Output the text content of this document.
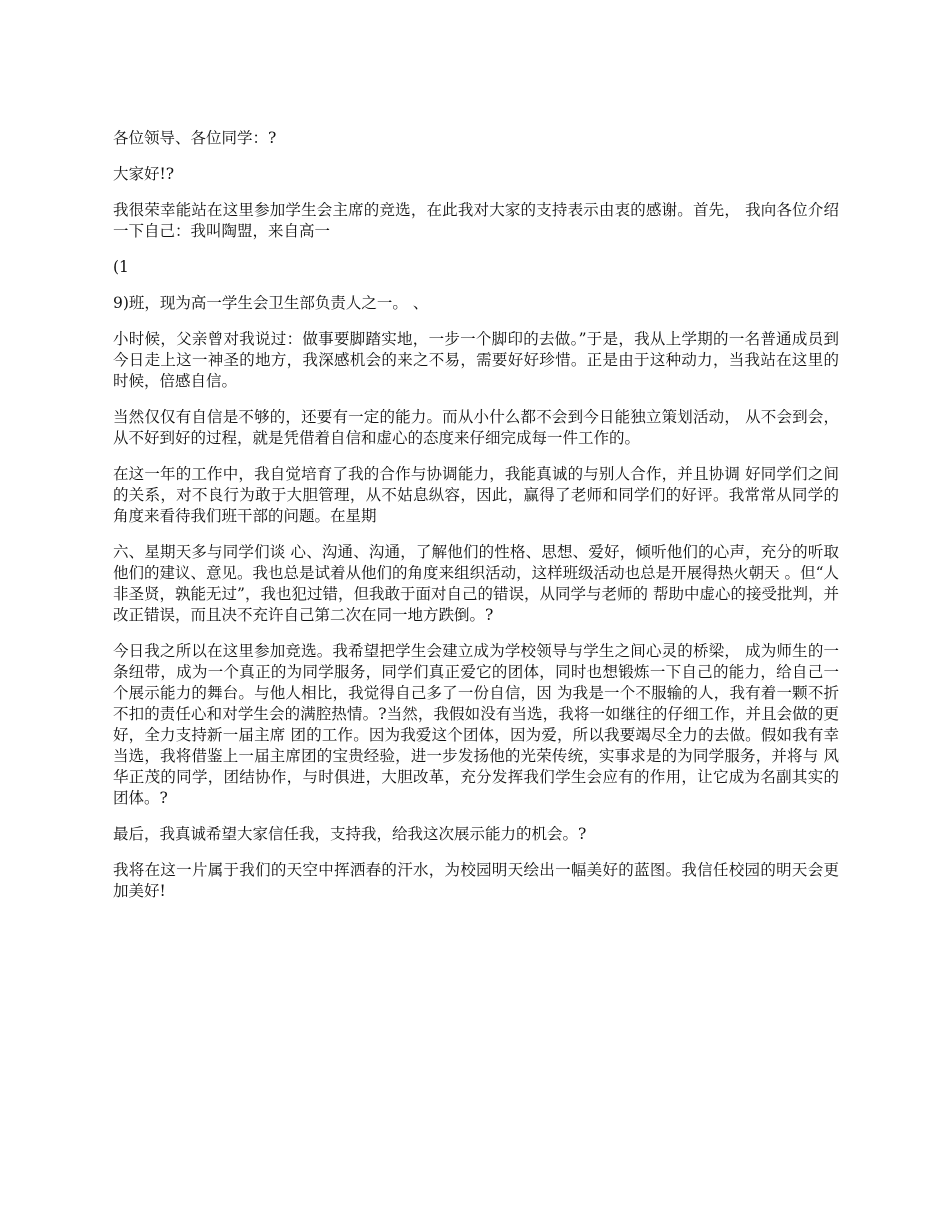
各位领导、各位同学：?

大家好!?

我很荣幸能站在这里参加学生会主席的竞选，在此我对大家的支持表示由衷的感谢。首先， 我向各位介绍一下自己：我叫陶盟，来自高一

(1

9)班，现为高一学生会卫生部负责人之一。 、

小时候，父亲曾对我说过：做事要脚踏实地，一步一个脚印的去做。”于是，我从上学期的一名普通成员到今日走上这一神圣的地方，我深感机会的来之不易，需要好好珍惜。正是由于这种动力，当我站在这里的时候，倍感自信。

当然仅仅有自信是不够的，还要有一定的能力。而从小什么都不会到今日能独立策划活动， 从不会到会，从不好到好的过程，就是凭借着自信和虚心的态度来仔细完成每一件工作的。

在这一年的工作中，我自觉培育了我的合作与协调能力，我能真诚的与别人合作，并且协调 好同学们之间的关系，对不良行为敢于大胆管理，从不姑息纵容，因此，赢得了老师和同学们的好评。我常常从同学的角度来看待我们班干部的问题。在星期

六、星期天多与同学们谈 心、沟通、沟通，了解他们的性格、思想、爱好，倾听他们的心声，充分的听取他们的建议、意见。我也总是试着从他们的角度来组织活动，这样班级活动也总是开展得热火朝天 。但“人非圣贤，孰能无过”，我也犯过错，但我敢于面对自己的错误，从同学与老师的 帮助中虚心的接受批判，并改正错误，而且决不充许自己第二次在同一地方跌倒。?

今日我之所以在这里参加竞选。我希望把学生会建立成为学校领导与学生之间心灵的桥梁， 成为师生的一条纽带，成为一个真正的为同学服务，同学们真正爱它的团体，同时也想锻炼一下自己的能力，给自己一个展示能力的舞台。与他人相比，我觉得自己多了一份自信，因 为我是一个不服输的人，我有着一颗不折不扣的责任心和对学生会的满腔热情。?当然，我假如没有当选，我将一如继往的仔细工作，并且会做的更好，全力支持新一届主席 团的工作。因为我爱这个团体，因为爱，所以我要竭尽全力的去做。假如我有幸当选，我将借鉴上一届主席团的宝贵经验，进一步发扬他的光荣传统，实事求是的为同学服务，并将与 风华正茂的同学，团结协作，与时俱进，大胆改革，充分发挥我们学生会应有的作用，让它成为名副其实的团体。?

最后，我真诚希望大家信任我，支持我，给我这次展示能力的机会。?

我将在这一片属于我们的天空中挥洒春的汗水，为校园明天绘出一幅美好的蓝图。我信任校园的明天会更加美好!
